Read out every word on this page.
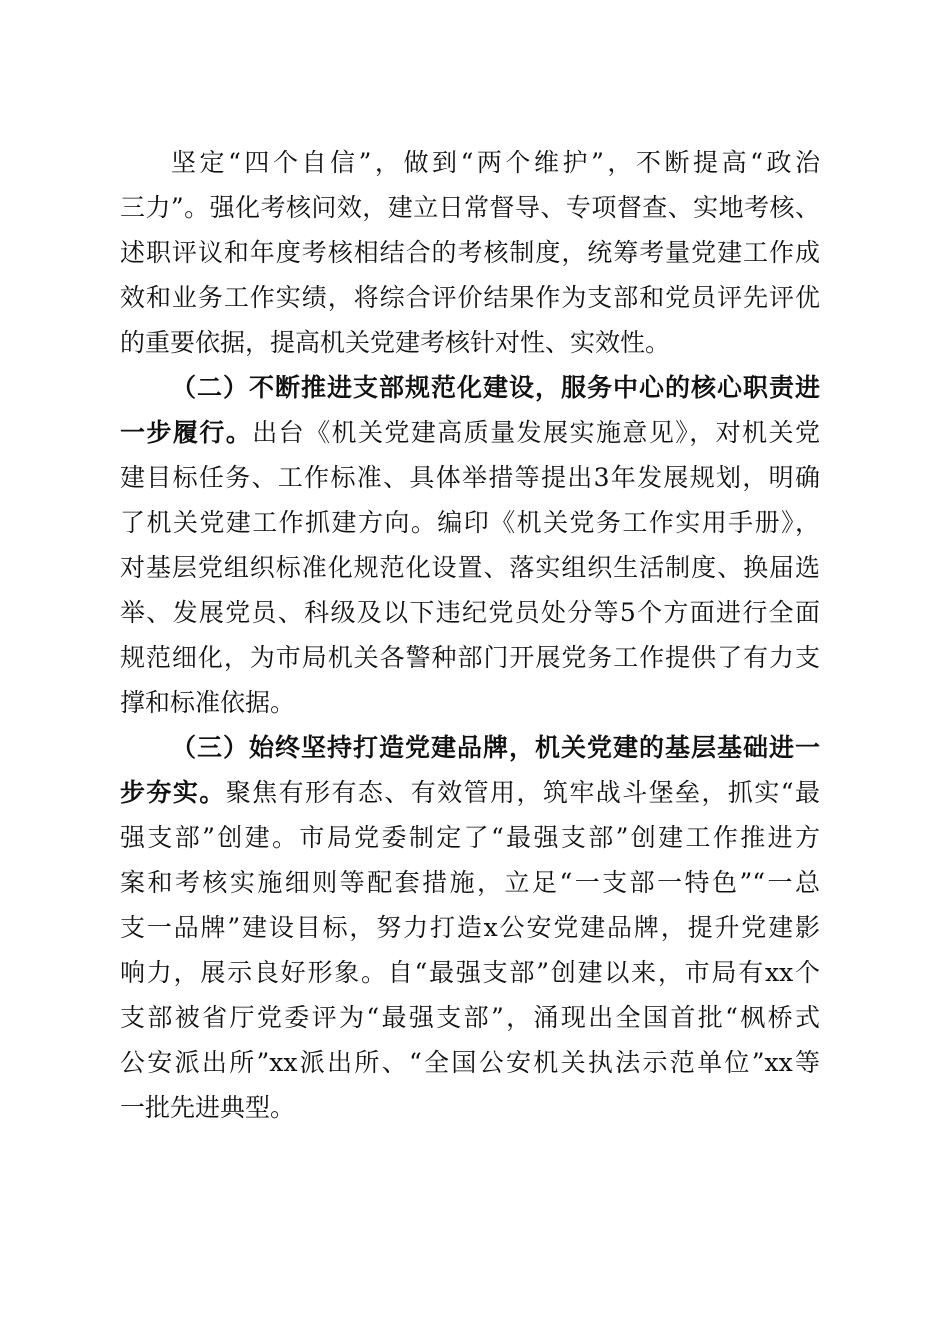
坚定“四个自信”，做到“两个维护”，不断提高“政治
三力”。强化考核问效，建立日常督导、专项督查、实地考核、
述职评议和年度考核相结合的考核制度，统筹考量党建工作成
效和业务工作实绩，将综合评价结果作为支部和党员评先评优
的重要依据，提高机关党建考核针对性、实效性。
（二）不断推进支部规范化建设，服务中心的核心职责进
一步履行。出台《机关党建高质量发展实施意见》，对机关党
建目标任务、工作标准、具体举措等提出3年发展规划，明确
了机关党建工作抓建方向。编印《机关党务工作实用手册》，
对基层党组织标准化规范化设置、落实组织生活制度、换届选
举、发展党员、科级及以下违纪党员处分等5个方面进行全面
规范细化，为市局机关各警种部门开展党务工作提供了有力支
撑和标准依据。
（三）始终坚持打造党建品牌，机关党建的基层基础进一
步夯实。聚焦有形有态、有效管用，筑牢战斗堡垒，抓实“最
强支部”创建。市局党委制定了“最强支部”创建工作推进方
案和考核实施细则等配套措施，立足“一支部一特色”“一总
支一品牌”建设目标，努力打造x公安党建品牌，提升党建影
响力，展示良好形象。自“最强支部”创建以来，市局有xx个
支部被省厅党委评为“最强支部”，涌现出全国首批“枫桥式
公安派出所”xx派出所、“全国公安机关执法示范单位”xx等
一批先进典型。
